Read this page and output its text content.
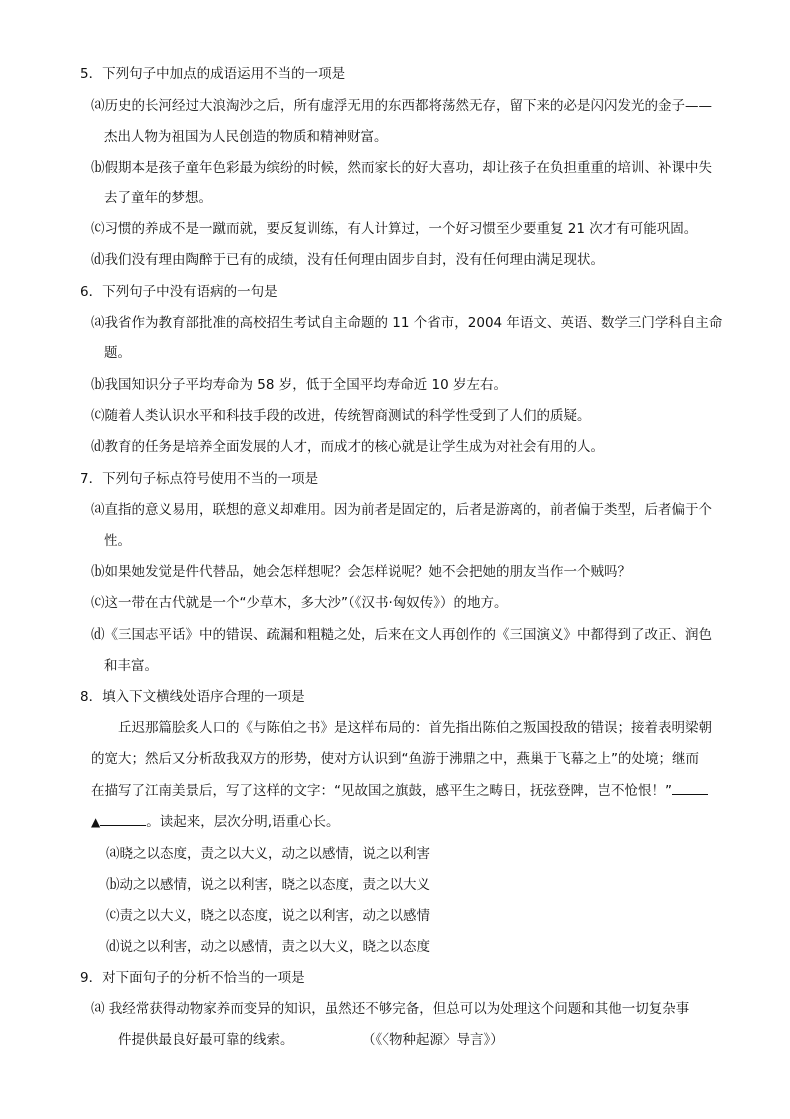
5．下列句子中加点的成语运用不当的一项是
⒜历史的长河经过大浪淘沙之后，所有虚浮无用的东西都将荡然无存，留下来的必是闪闪发光的金子——
杰出人物为祖国为人民创造的物质和精神财富。
⒝假期本是孩子童年色彩最为缤纷的时候，然而家长的好大喜功，却让孩子在负担重重的培训、补课中失
去了童年的梦想。
⒞习惯的养成不是一蹴而就，要反复训练，有人计算过，一个好习惯至少要重复 21 次才有可能巩固。
⒟我们没有理由陶醉于已有的成绩，没有任何理由固步自封，没有任何理由满足现状。
6．下列句子中没有语病的一句是
⒜我省作为教育部批准的高校招生考试自主命题的 11 个省市，2004 年语文、英语、数学三门学科自主命
题。
⒝我国知识分子平均寿命为 58 岁，低于全国平均寿命近 10 岁左右。
⒞随着人类认识水平和科技手段的改进，传统智商测试的科学性受到了人们的质疑。
⒟教育的任务是培养全面发展的人才，而成才的核心就是让学生成为对社会有用的人。
7．下列句子标点符号使用不当的一项是
⒜直指的意义易用，联想的意义却难用。因为前者是固定的，后者是游离的，前者偏于类型，后者偏于个
性。
⒝如果她发觉是件代替品，她会怎样想呢？会怎样说呢？她不会把她的朋友当作一个贼吗？
⒞这一带在古代就是一个“少草木，多大沙”（《汉书·匈奴传》）的地方。
⒟《三国志平话》中的错误、疏漏和粗糙之处，后来在文人再创作的《三国演义》中都得到了改正、润色
和丰富。
8．填入下文横线处语序合理的一项是
丘迟那篇脍炙人口的《与陈伯之书》是这样布局的：首先指出陈伯之叛国投敌的错误；接着表明梁朝
的宽大；然后又分析敌我双方的形势，使对方认识到“鱼游于沸鼎之中，燕巢于飞幕之上”的处境；继而
在描写了江南美景后，写了这样的文字：“见故国之旗鼓，感平生之畴日，抚弦登陴，岂不怆恨！”
▲	。读起来，层次分明,语重心长。
⒜晓之以态度，责之以大义，动之以感情，说之以利害
⒝动之以感情，说之以利害，晓之以态度，责之以大义
⒞责之以大义，晓之以态度，说之以利害，动之以感情
⒟说之以利害，动之以感情，责之以大义，晓之以态度
9．对下面句子的分析不恰当的一项是
⒜ 我经常获得动物家养而变异的知识，虽然还不够完备，但总可以为处理这个问题和其他一切复杂事
件提供最良好最可靠的线索。	（《〈物种起源〉导言》）
